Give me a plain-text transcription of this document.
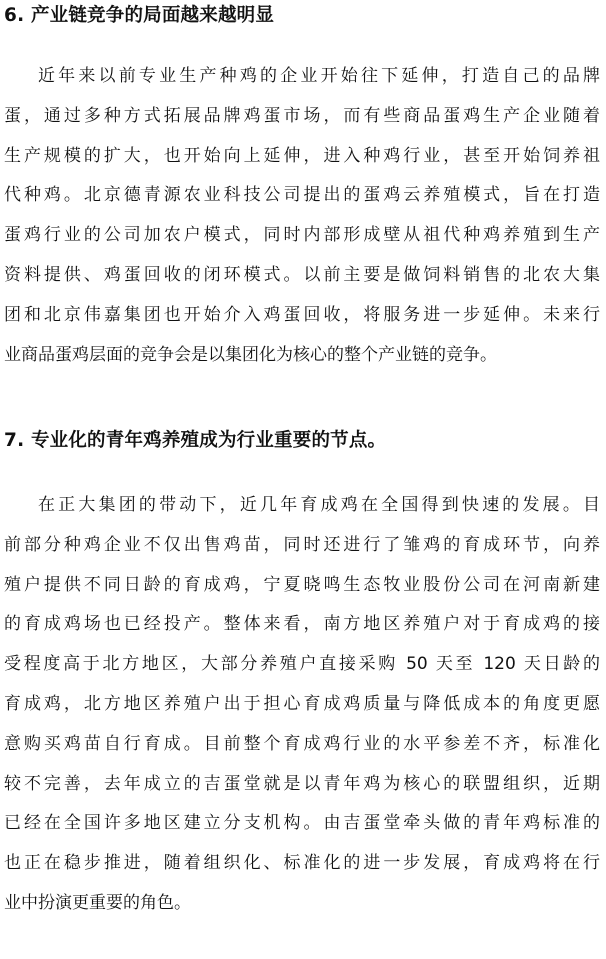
6. 产业链竞争的局面越来越明显

近年来以前专业生产种鸡的企业开始往下延伸，打造自己的品牌
蛋，通过多种方式拓展品牌鸡蛋市场，而有些商品蛋鸡生产企业随着
生产规模的扩大，也开始向上延伸，进入种鸡行业，甚至开始饲养祖
代种鸡。北京德青源农业科技公司提出的蛋鸡云养殖模式，旨在打造
蛋鸡行业的公司加农户模式，同时内部形成壁从祖代种鸡养殖到生产
资料提供、鸡蛋回收的闭环模式。以前主要是做饲料销售的北农大集
团和北京伟嘉集团也开始介入鸡蛋回收，将服务进一步延伸。未来行
业商品蛋鸡层面的竞争会是以集团化为核心的整个产业链的竞争。

7. 专业化的青年鸡养殖成为行业重要的节点。

在正大集团的带动下，近几年育成鸡在全国得到快速的发展。目
前部分种鸡企业不仅出售鸡苗，同时还进行了雏鸡的育成环节，向养
殖户提供不同日龄的育成鸡，宁夏晓鸣生态牧业股份公司在河南新建
的育成鸡场也已经投产。整体来看，南方地区养殖户对于育成鸡的接
受程度高于北方地区，大部分养殖户直接采购 50 天至 120 天日龄的
育成鸡，北方地区养殖户出于担心育成鸡质量与降低成本的角度更愿
意购买鸡苗自行育成。目前整个育成鸡行业的水平参差不齐，标准化
较不完善，去年成立的吉蛋堂就是以青年鸡为核心的联盟组织，近期
已经在全国许多地区建立分支机构。由吉蛋堂牵头做的青年鸡标准的
也正在稳步推进，随着组织化、标准化的进一步发展，育成鸡将在行
业中扮演更重要的角色。
